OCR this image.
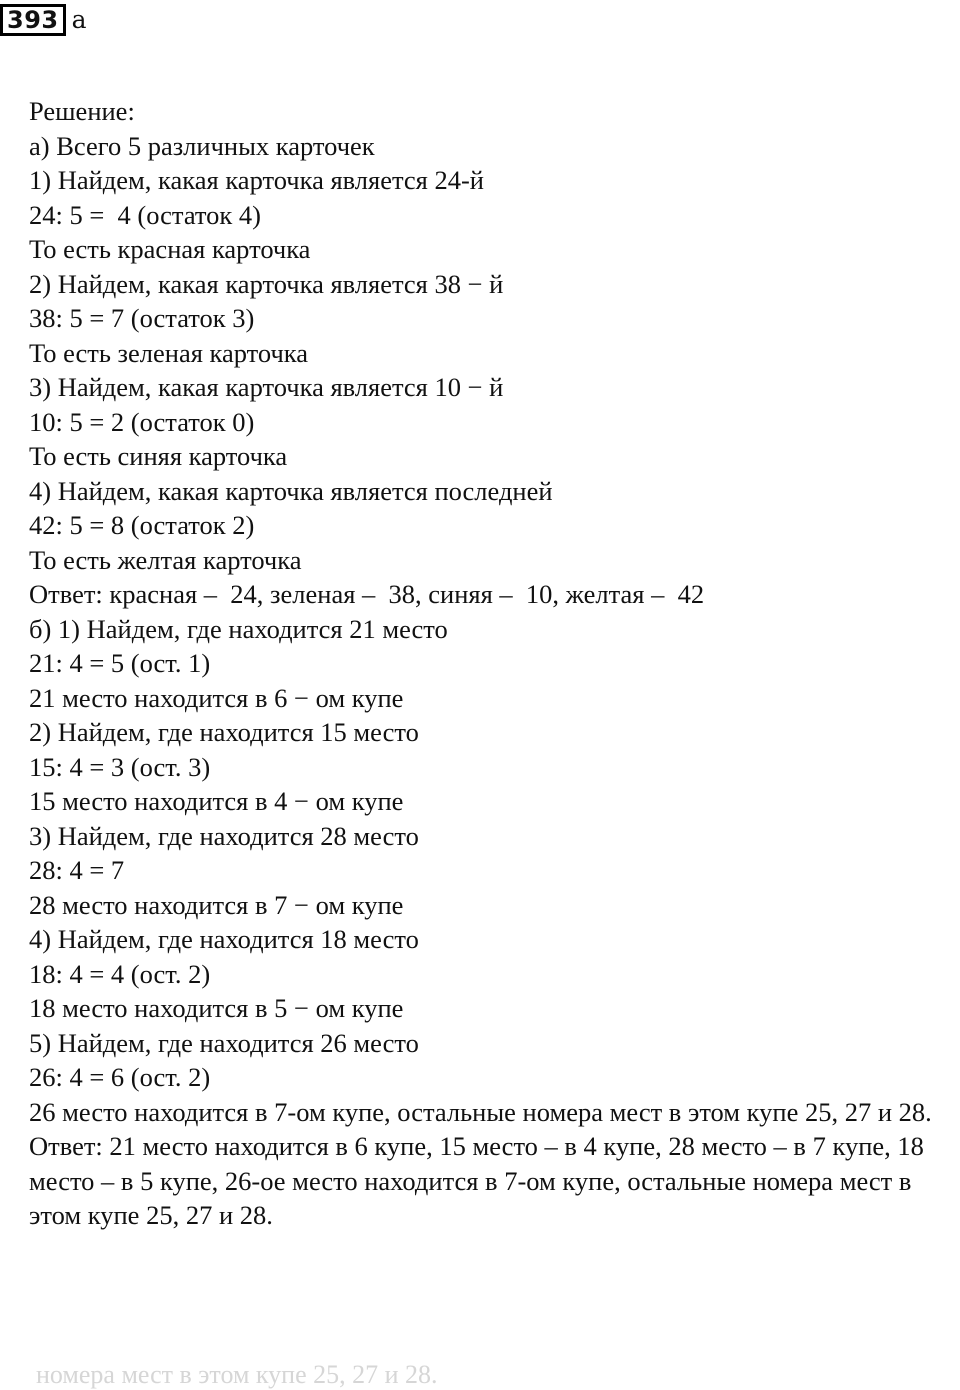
393 а
Решение:
а) Всего 5 различных карточек
1) Найдем, какая карточка является 24-й
24: 5 =  4 (остаток 4)
То есть красная карточка
2) Найдем, какая карточка является 38 − й
38: 5 = 7 (остаток 3)
То есть зеленая карточка
3) Найдем, какая карточка является 10 − й
10: 5 = 2 (остаток 0)
То есть синяя карточка
4) Найдем, какая карточка является последней
42: 5 = 8 (остаток 2)
То есть желтая карточка
Ответ: красная –  24, зеленая –  38, синяя –  10, желтая –  42
б) 1) Найдем, где находится 21 место
21: 4 = 5 (ост. 1)
21 место находится в 6 − ом купе
2) Найдем, где находится 15 место
15: 4 = 3 (ост. 3)
15 место находится в 4 − ом купе
3) Найдем, где находится 28 место
28: 4 = 7
28 место находится в 7 − ом купе
4) Найдем, где находится 18 место
18: 4 = 4 (ост. 2)
18 место находится в 5 − ом купе
5) Найдем, где находится 26 место
26: 4 = 6 (ост. 2)
26 место находится в 7-ом купе, остальные номера мест в этом купе 25, 27 и 28.
Ответ: 21 место находится в 6 купе, 15 место – в 4 купе, 28 место – в 7 купе, 18 место – в 5 купе, 26-ое место находится в 7-ом купе, остальные номера мест в этом купе 25, 27 и 28.
номера мест в этом купе 25, 27 и 28.
